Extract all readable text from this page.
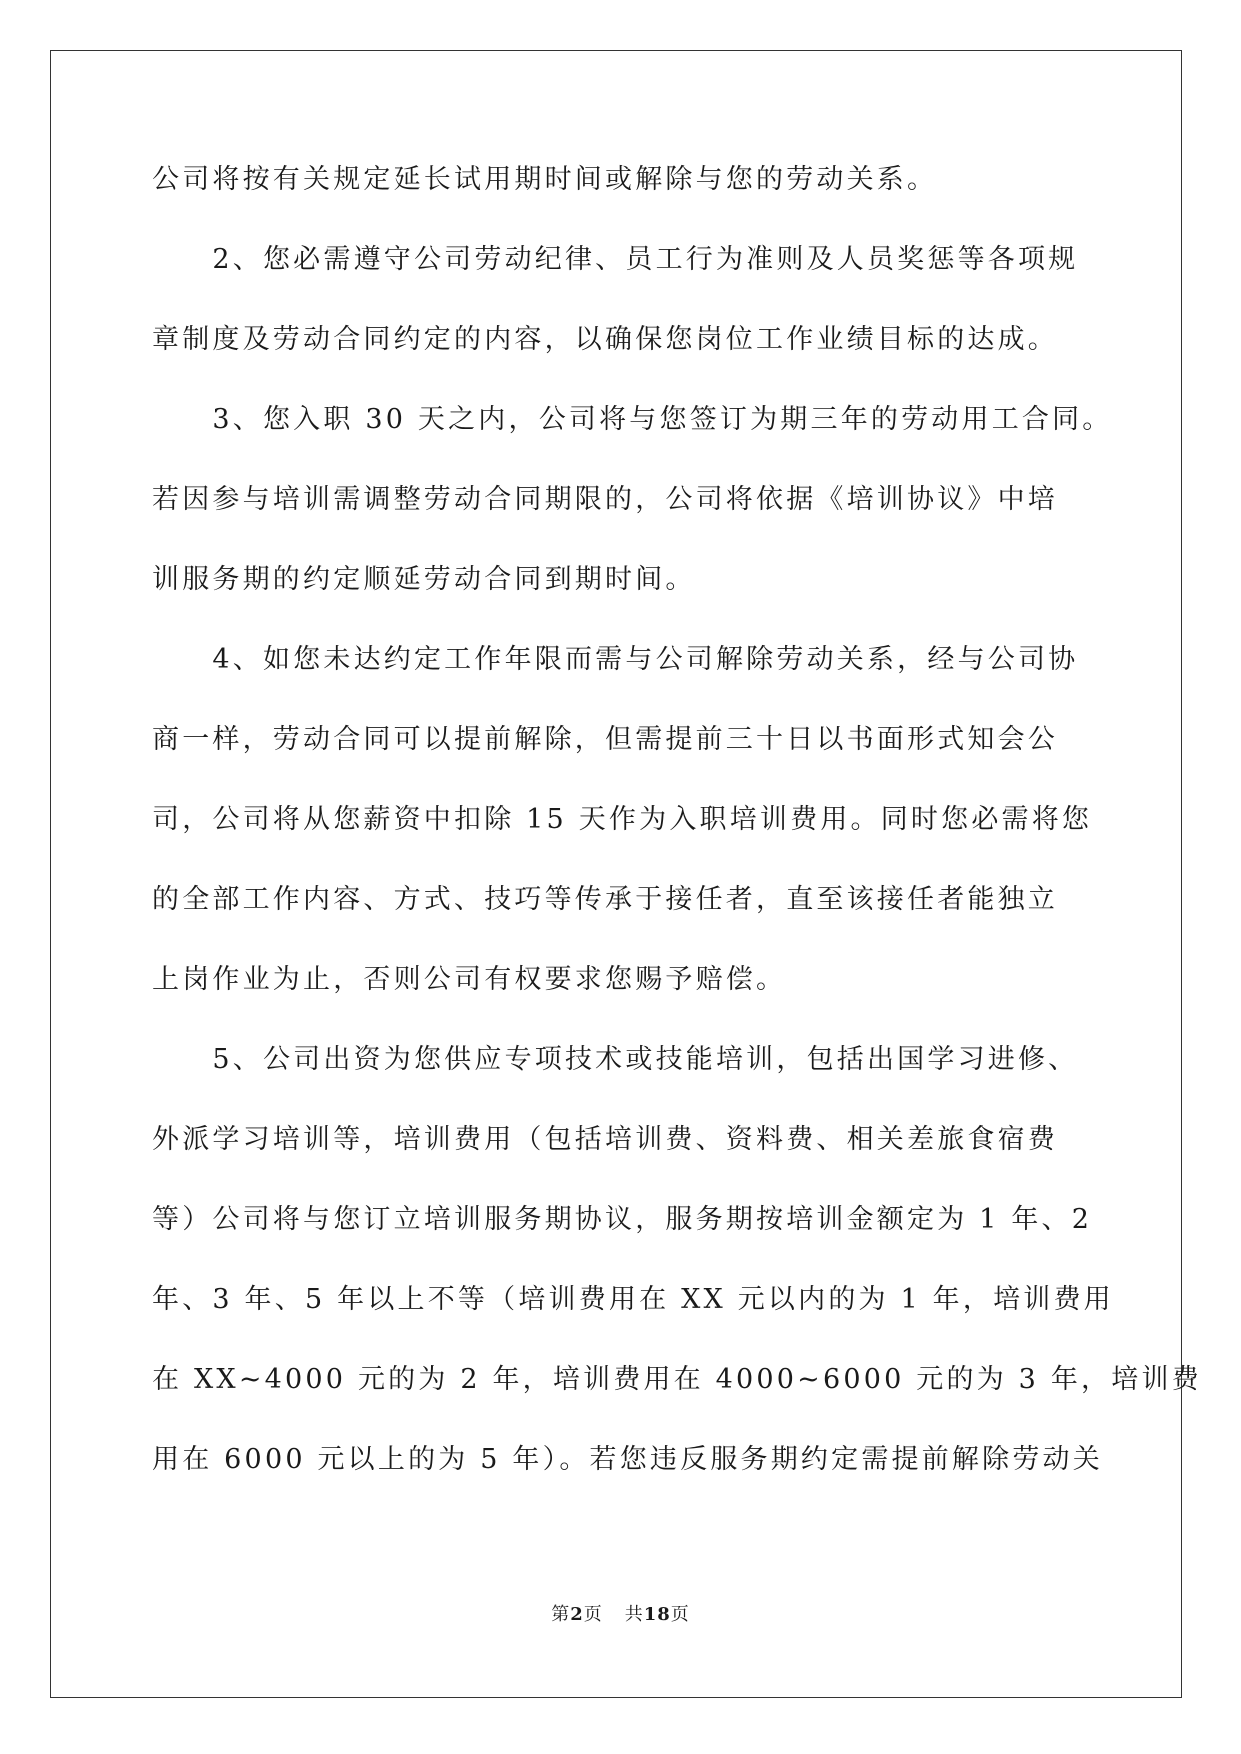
公司将按有关规定延长试用期时间或解除与您的劳动关系。
　　2、您必需遵守公司劳动纪律、员工行为准则及人员奖惩等各项规
章制度及劳动合同约定的内容，以确保您岗位工作业绩目标的达成。
　　3、您入职 30 天之内，公司将与您签订为期三年的劳动用工合同。
若因参与培训需调整劳动合同期限的，公司将依据《培训协议》中培
训服务期的约定顺延劳动合同到期时间。
　　4、如您未达约定工作年限而需与公司解除劳动关系，经与公司协
商一样，劳动合同可以提前解除，但需提前三十日以书面形式知会公
司，公司将从您薪资中扣除 15 天作为入职培训费用。同时您必需将您
的全部工作内容、方式、技巧等传承于接任者，直至该接任者能独立
上岗作业为止，否则公司有权要求您赐予赔偿。
　　5、公司出资为您供应专项技术或技能培训，包括出国学习进修、
外派学习培训等，培训费用（包括培训费、资料费、相关差旅食宿费
等）公司将与您订立培训服务期协议，服务期按培训金额定为 1 年、2
年、3 年、5 年以上不等（培训费用在 XX 元以内的为 1 年，培训费用
在 XX~4000 元的为 2 年，培训费用在 4000~6000 元的为 3 年，培训费
用在 6000 元以上的为 5 年）。若您违反服务期约定需提前解除劳动关
第2页 共18页
